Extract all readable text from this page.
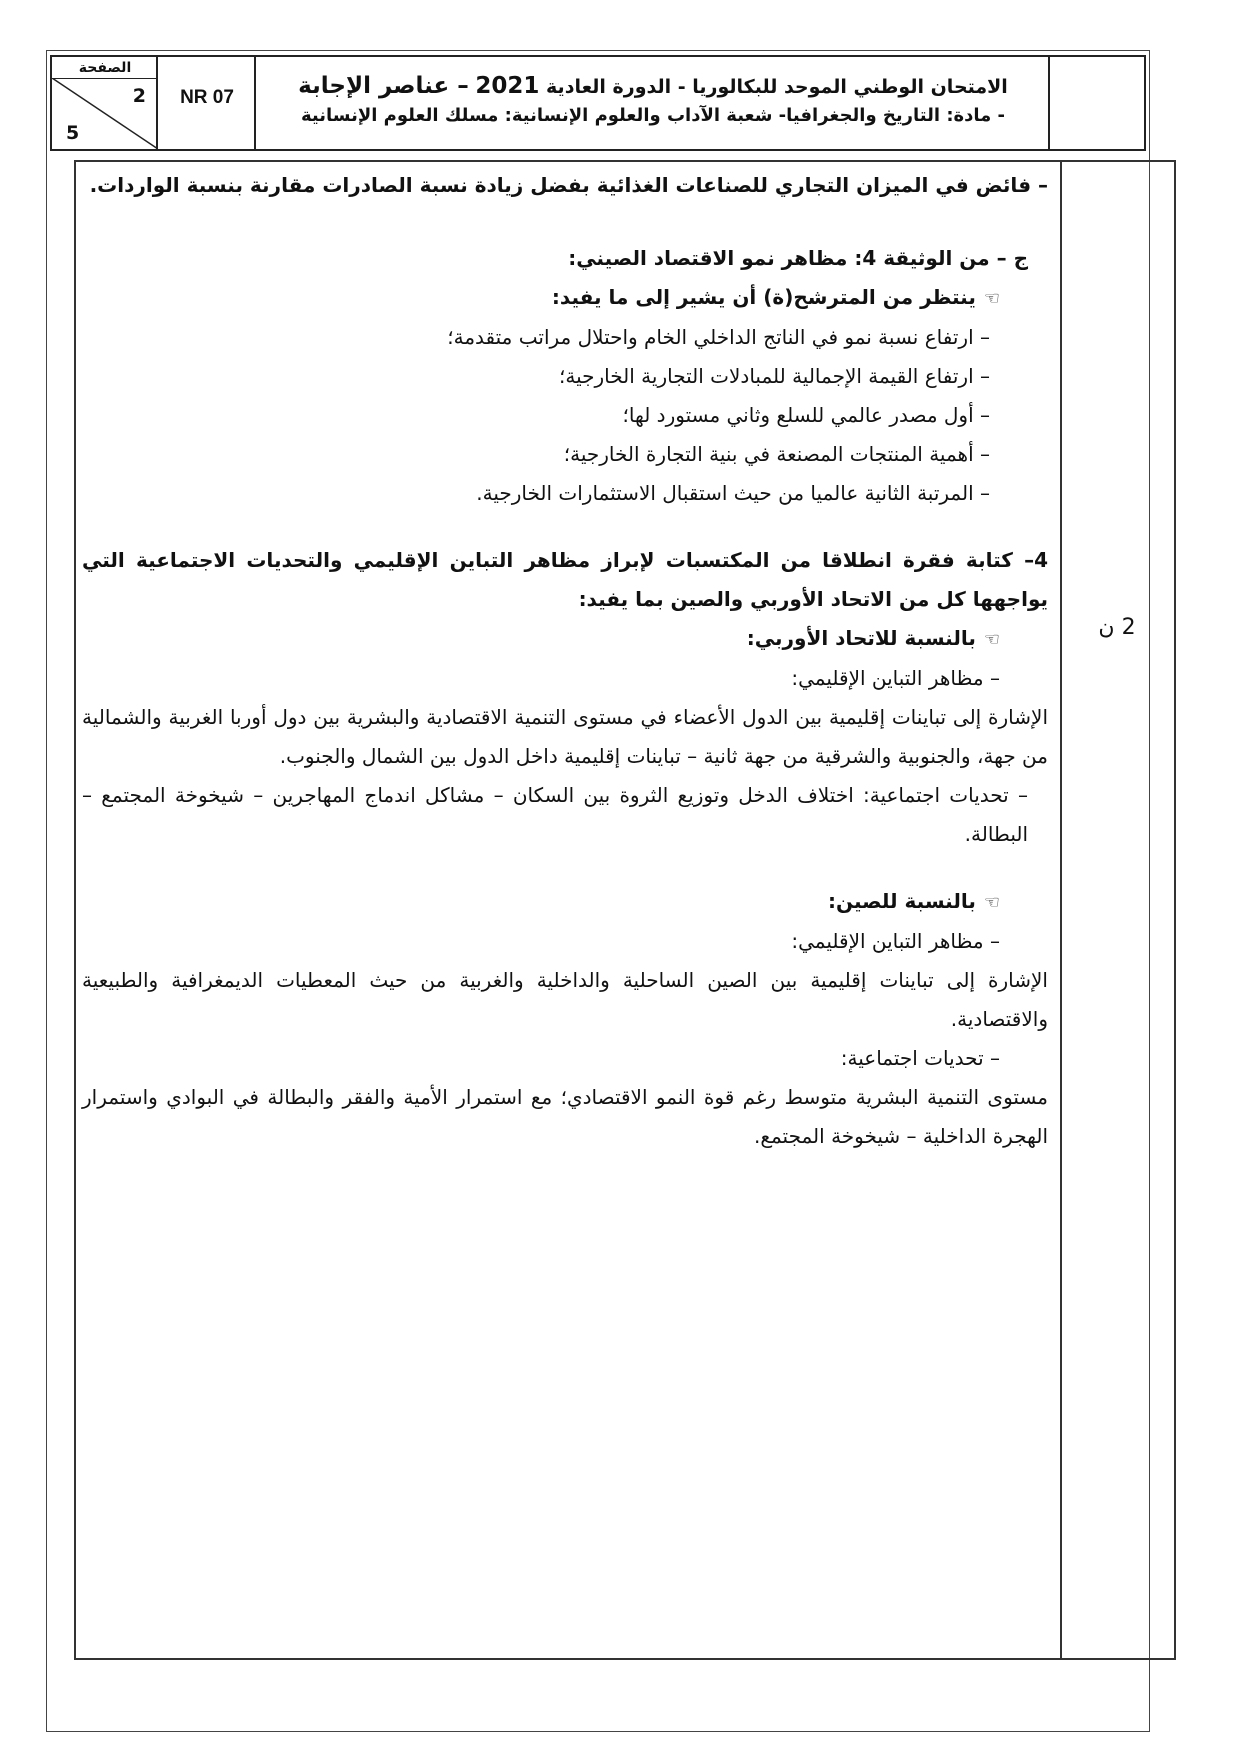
الصفحة
2
5
NR 07	الامتحان الوطني الموحد للبكالوريا - الدورة العادية 2021 – عناصر الإجابة
- مادة: التاريخ والجغرافيا- شعبة الآداب والعلوم الإنسانية: مسلك العلوم الإنسانية
2 ن

– فائض في الميزان التجاري للصناعات الغذائية بفضل زيادة نسبة الصادرات مقارنة بنسبة الواردات.

ج – من الوثيقة 4: مظاهر نمو الاقتصاد الصيني:

☜ينتظر من المترشح(ة) أن يشير إلى ما يفيد:

– ارتفاع نسبة نمو في الناتج الداخلي الخام واحتلال مراتب متقدمة؛

– ارتفاع القيمة الإجمالية للمبادلات التجارية الخارجية؛

– أول مصدر عالمي للسلع وثاني مستورد لها؛

– أهمية المنتجات المصنعة في بنية التجارة الخارجية؛

– المرتبة الثانية عالميا من حيث استقبال الاستثمارات الخارجية.

4– كتابة فقرة انطلاقا من المكتسبات لإبراز مظاهر التباين الإقليمي والتحديات الاجتماعية التي يواجهها كل من الاتحاد الأوربي والصين بما يفيد:

☜بالنسبة للاتحاد الأوربي:

– مظاهر التباين الإقليمي:

الإشارة إلى تباينات إقليمية بين الدول الأعضاء في مستوى التنمية الاقتصادية والبشرية بين دول أوربا الغربية والشمالية من جهة، والجنوبية والشرقية من جهة ثانية – تباينات إقليمية داخل الدول بين الشمال والجنوب.

– تحديات اجتماعية: اختلاف الدخل وتوزيع الثروة بين السكان – مشاكل اندماج المهاجرين – شيخوخة المجتمع – البطالة.

☜بالنسبة للصين:

– مظاهر التباين الإقليمي:

الإشارة إلى تباينات إقليمية بين الصين الساحلية والداخلية والغربية من حيث المعطيات الديمغرافية والطبيعية والاقتصادية.

– تحديات اجتماعية:

مستوى التنمية البشرية متوسط رغم قوة النمو الاقتصادي؛ مع استمرار الأمية والفقر والبطالة في البوادي واستمرار الهجرة الداخلية – شيخوخة المجتمع.
